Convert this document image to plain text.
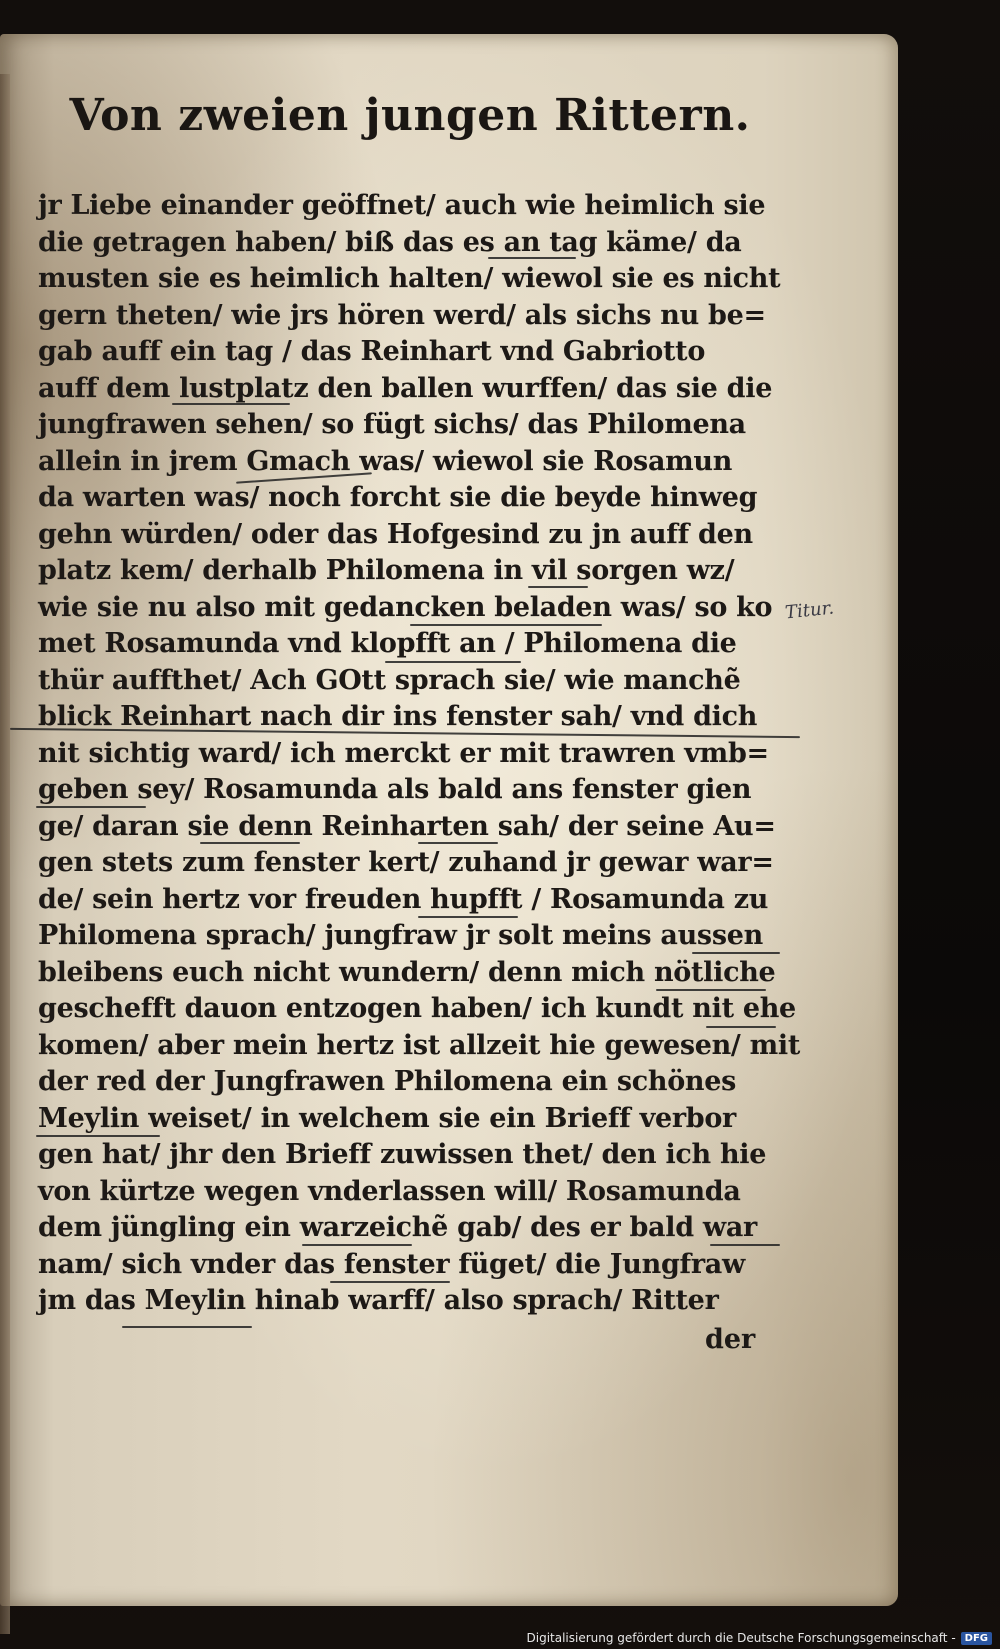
Von zweien jungen Rittern.
jr Liebe einander geöffnet/ auch wie heimlich sie
die getragen haben/ biß das es an tag käme/ da
musten sie es heimlich halten/ wiewol sie es nicht
gern theten/ wie jrs hören werd/ als sichs nu be=
gab auff ein tag / das Reinhart vnd Gabriotto
auff dem lustplatz den ballen wurffen/ das sie die
jungfrawen sehen/ so fügt sichs/ das Philomena
allein in jrem Gmach was/ wiewol sie Rosamun
da warten was/ noch forcht sie die beyde hinweg
gehn würden/ oder das Hofgesind zu jn auff den
platz kem/ derhalb Philomena in vil sorgen wz/
wie sie nu also mit gedancken beladen was/ so ko
met Rosamunda vnd klopfft an / Philomena die
thür auffthet/ Ach GOtt sprach sie/ wie manchẽ
blick Reinhart nach dir ins fenster sah/ vnd dich
nit sichtig ward/ ich merckt er mit trawren vmb=
geben sey/ Rosamunda als bald ans fenster gien
ge/ daran sie denn Reinharten sah/ der seine Au=
gen stets zum fenster kert/ zuhand jr gewar war=
de/ sein hertz vor freuden hupfft / Rosamunda zu
Philomena sprach/ jungfraw jr solt meins aussen
bleibens euch nicht wundern/ denn mich nötliche
geschefft dauon entzogen haben/ ich kundt nit ehe
komen/ aber mein hertz ist allzeit hie gewesen/ mit
der red der Jungfrawen Philomena ein schönes
Meylin weiset/ in welchem sie ein Brieff verbor
gen hat/ jhr den Brieff zuwissen thet/ den ich hie
von kürtze wegen vnderlassen will/ Rosamunda
dem jüngling ein warzeichẽ gab/ des er bald war
nam/ sich vnder das fenster füget/ die Jungfraw
jm das Meylin hinab warff/ also sprach/ Ritter
der
Titur.
Digitalisierung gefördert durch die Deutsche Forschungsgemeinschaft - DFG
